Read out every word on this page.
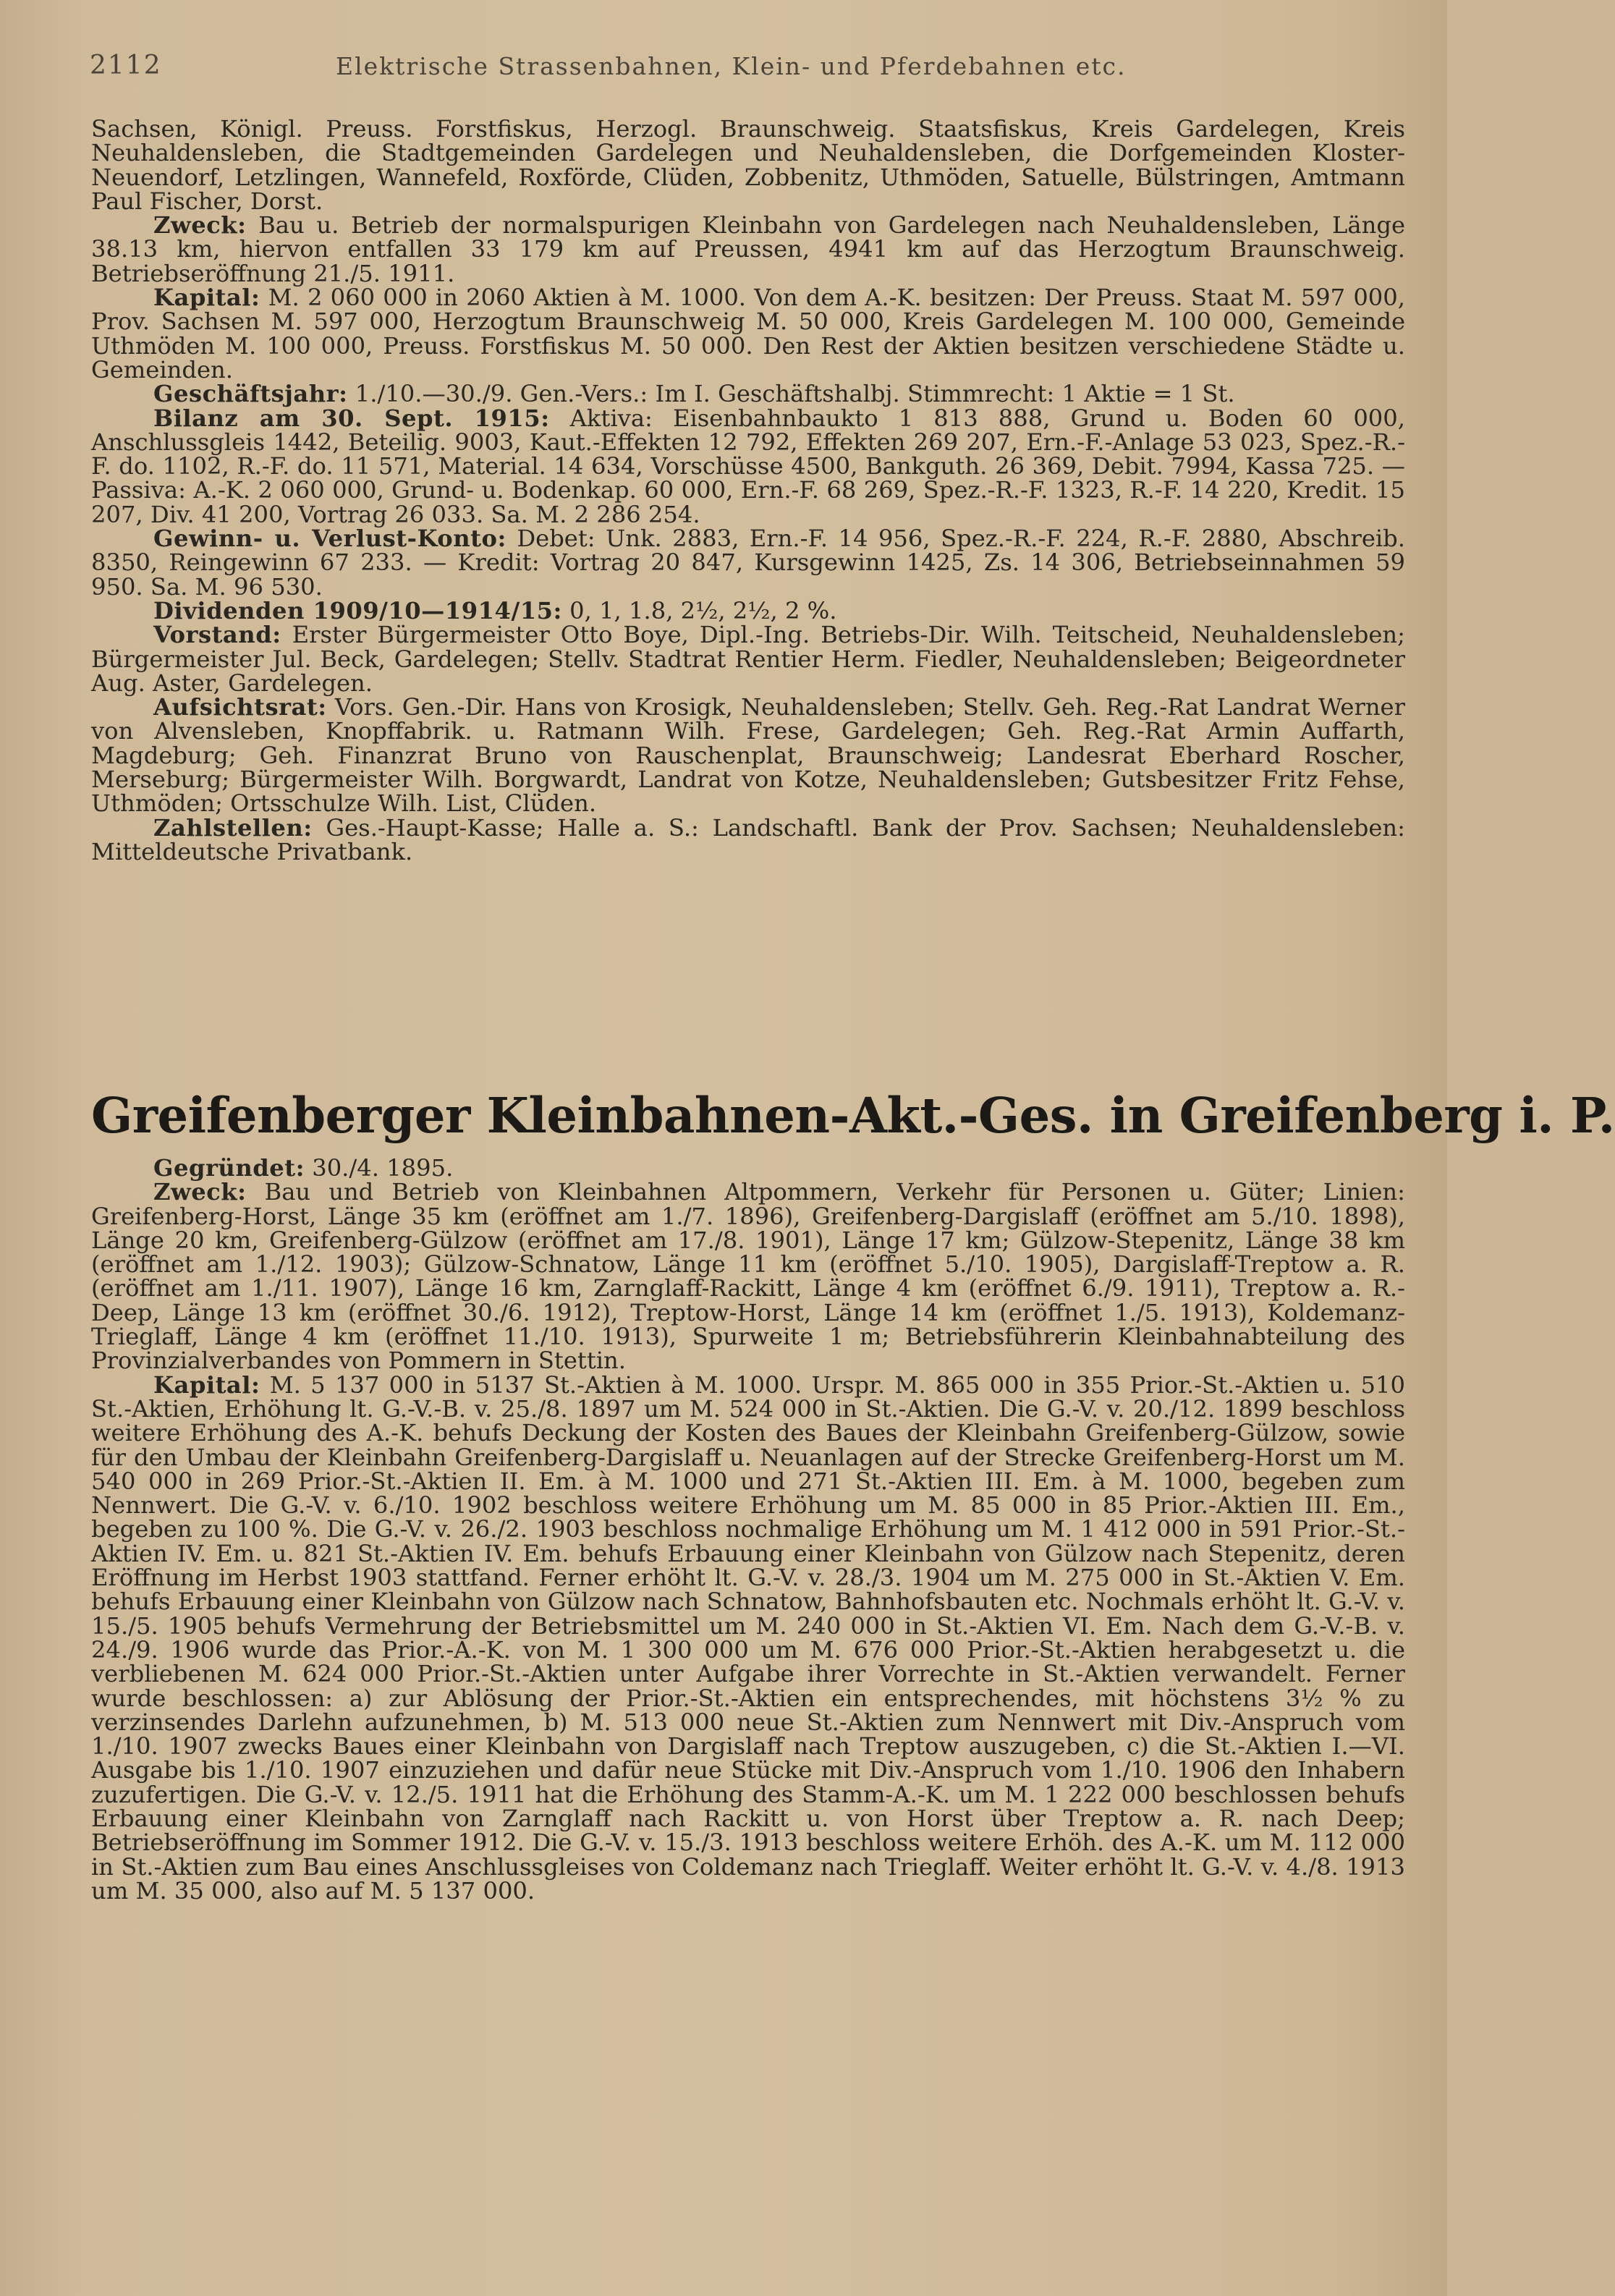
2112	Elektrische Strassenbahnen, Klein- und Pferdebahnen etc.

Sachsen, Königl. Preuss. Forstfiskus, Herzogl. Braunschweig. Staatsfiskus, Kreis Gardelegen, Kreis Neuhaldensleben, die Stadtgemeinden Gardelegen und Neuhaldensleben, die Dorfgemeinden Kloster-Neuendorf, Letzlingen, Wannefeld, Roxförde, Clüden, Zobbenitz, Uthmöden, Satuelle, Bülstringen, Amtmann Paul Fischer, Dorst.

Zweck: Bau u. Betrieb der normalspurigen Kleinbahn von Gardelegen nach Neuhaldensleben, Länge 38.13 km, hiervon entfallen 33 179 km auf Preussen, 4941 km auf das Herzogtum Braunschweig. Betriebseröffnung 21./5. 1911.

Kapital: M. 2 060 000 in 2060 Aktien à M. 1000. Von dem A.-K. besitzen: Der Preuss. Staat M. 597 000, Prov. Sachsen M. 597 000, Herzogtum Braunschweig M. 50 000, Kreis Gardelegen M. 100 000, Gemeinde Uthmöden M. 100 000, Preuss. Forstfiskus M. 50 000. Den Rest der Aktien besitzen verschiedene Städte u. Gemeinden.

Geschäftsjahr: 1./10.—30./9. Gen.-Vers.: Im I. Geschäftshalbj. Stimmrecht: 1 Aktie = 1 St.

Bilanz am 30. Sept. 1915: Aktiva: Eisenbahnbaukto 1 813 888, Grund u. Boden 60 000, Anschlussgleis 1442, Beteilig. 9003, Kaut.-Effekten 12 792, Effekten 269 207, Ern.-F.-Anlage 53 023, Spez.-R.-F. do. 1102, R.-F. do. 11 571, Material. 14 634, Vorschüsse 4500, Bankguth. 26 369, Debit. 7994, Kassa 725. — Passiva: A.-K. 2 060 000, Grund- u. Bodenkap. 60 000, Ern.-F. 68 269, Spez.-R.-F. 1323, R.-F. 14 220, Kredit. 15 207, Div. 41 200, Vortrag 26 033. Sa. M. 2 286 254.

Gewinn- u. Verlust-Konto: Debet: Unk. 2883, Ern.-F. 14 956, Spez.-R.-F. 224, R.-F. 2880, Abschreib. 8350, Reingewinn 67 233. — Kredit: Vortrag 20 847, Kursgewinn 1425, Zs. 14 306, Betriebseinnahmen 59 950. Sa. M. 96 530.

Dividenden 1909/10—1914/15: 0, 1, 1.8, 2½, 2½, 2 %.

Vorstand: Erster Bürgermeister Otto Boye, Dipl.-Ing. Betriebs-Dir. Wilh. Teitscheid, Neuhaldensleben; Bürgermeister Jul. Beck, Gardelegen; Stellv. Stadtrat Rentier Herm. Fiedler, Neuhaldensleben; Beigeordneter Aug. Aster, Gardelegen.

Aufsichtsrat: Vors. Gen.-Dir. Hans von Krosigk, Neuhaldensleben; Stellv. Geh. Reg.-Rat Landrat Werner von Alvensleben, Knopffabrik. u. Ratmann Wilh. Frese, Gardelegen; Geh. Reg.-Rat Armin Auffarth, Magdeburg; Geh. Finanzrat Bruno von Rauschenplat, Braunschweig; Landesrat Eberhard Roscher, Merseburg; Bürgermeister Wilh. Borgwardt, Landrat von Kotze, Neuhaldensleben; Gutsbesitzer Fritz Fehse, Uthmöden; Ortsschulze Wilh. List, Clüden.

Zahlstellen: Ges.-Haupt-Kasse; Halle a. S.: Landschaftl. Bank der Prov. Sachsen; Neuhaldensleben: Mitteldeutsche Privatbank.

Greifenberger Kleinbahnen-Akt.-Ges. in Greifenberg i. P.

Gegründet: 30./4. 1895.

Zweck: Bau und Betrieb von Kleinbahnen Altpommern, Verkehr für Personen u. Güter; Linien: Greifenberg-Horst, Länge 35 km (eröffnet am 1./7. 1896), Greifenberg-Dargislaff (eröffnet am 5./10. 1898), Länge 20 km, Greifenberg-Gülzow (eröffnet am 17./8. 1901), Länge 17 km; Gülzow-Stepenitz, Länge 38 km (eröffnet am 1./12. 1903); Gülzow-Schnatow, Länge 11 km (eröffnet 5./10. 1905), Dargislaff-Treptow a. R. (eröffnet am 1./11. 1907), Länge 16 km, Zarnglaff-Rackitt, Länge 4 km (eröffnet 6./9. 1911), Treptow a. R.-Deep, Länge 13 km (eröffnet 30./6. 1912), Treptow-Horst, Länge 14 km (eröffnet 1./5. 1913), Koldemanz-Trieglaff, Länge 4 km (eröffnet 11./10. 1913), Spurweite 1 m; Betriebsführerin Kleinbahnabteilung des Provinzialverbandes von Pommern in Stettin.

Kapital: M. 5 137 000 in 5137 St.-Aktien à M. 1000. Urspr. M. 865 000 in 355 Prior.-St.-Aktien u. 510 St.-Aktien, Erhöhung lt. G.-V.-B. v. 25./8. 1897 um M. 524 000 in St.-Aktien. Die G.-V. v. 20./12. 1899 beschloss weitere Erhöhung des A.-K. behufs Deckung der Kosten des Baues der Kleinbahn Greifenberg-Gülzow, sowie für den Umbau der Kleinbahn Greifenberg-Dargislaff u. Neuanlagen auf der Strecke Greifenberg-Horst um M. 540 000 in 269 Prior.-St.-Aktien II. Em. à M. 1000 und 271 St.-Aktien III. Em. à M. 1000, begeben zum Nennwert. Die G.-V. v. 6./10. 1902 beschloss weitere Erhöhung um M. 85 000 in 85 Prior.-Aktien III. Em., begeben zu 100 %. Die G.-V. v. 26./2. 1903 beschloss nochmalige Erhöhung um M. 1 412 000 in 591 Prior.-St.-Aktien IV. Em. u. 821 St.-Aktien IV. Em. behufs Erbauung einer Kleinbahn von Gülzow nach Stepenitz, deren Eröffnung im Herbst 1903 stattfand. Ferner erhöht lt. G.-V. v. 28./3. 1904 um M. 275 000 in St.-Aktien V. Em. behufs Erbauung einer Kleinbahn von Gülzow nach Schnatow, Bahnhofsbauten etc. Nochmals erhöht lt. G.-V. v. 15./5. 1905 behufs Vermehrung der Betriebsmittel um M. 240 000 in St.-Aktien VI. Em. Nach dem G.-V.-B. v. 24./9. 1906 wurde das Prior.-A.-K. von M. 1 300 000 um M. 676 000 Prior.-St.-Aktien herabgesetzt u. die verbliebenen M. 624 000 Prior.-St.-Aktien unter Aufgabe ihrer Vorrechte in St.-Aktien verwandelt. Ferner wurde beschlossen: a) zur Ablösung der Prior.-St.-Aktien ein entsprechendes, mit höchstens 3½ % zu verzinsendes Darlehn aufzunehmen, b) M. 513 000 neue St.-Aktien zum Nennwert mit Div.-Anspruch vom 1./10. 1907 zwecks Baues einer Kleinbahn von Dargislaff nach Treptow auszugeben, c) die St.-Aktien I.—VI. Ausgabe bis 1./10. 1907 einzuziehen und dafür neue Stücke mit Div.-Anspruch vom 1./10. 1906 den Inhabern zuzufertigen. Die G.-V. v. 12./5. 1911 hat die Erhöhung des Stamm-A.-K. um M. 1 222 000 beschlossen behufs Erbauung einer Kleinbahn von Zarnglaff nach Rackitt u. von Horst über Treptow a. R. nach Deep; Betriebseröffnung im Sommer 1912. Die G.-V. v. 15./3. 1913 beschloss weitere Erhöh. des A.-K. um M. 112 000 in St.-Aktien zum Bau eines Anschlussgleises von Coldemanz nach Trieglaff. Weiter erhöht lt. G.-V. v. 4./8. 1913 um M. 35 000, also auf M. 5 137 000.
